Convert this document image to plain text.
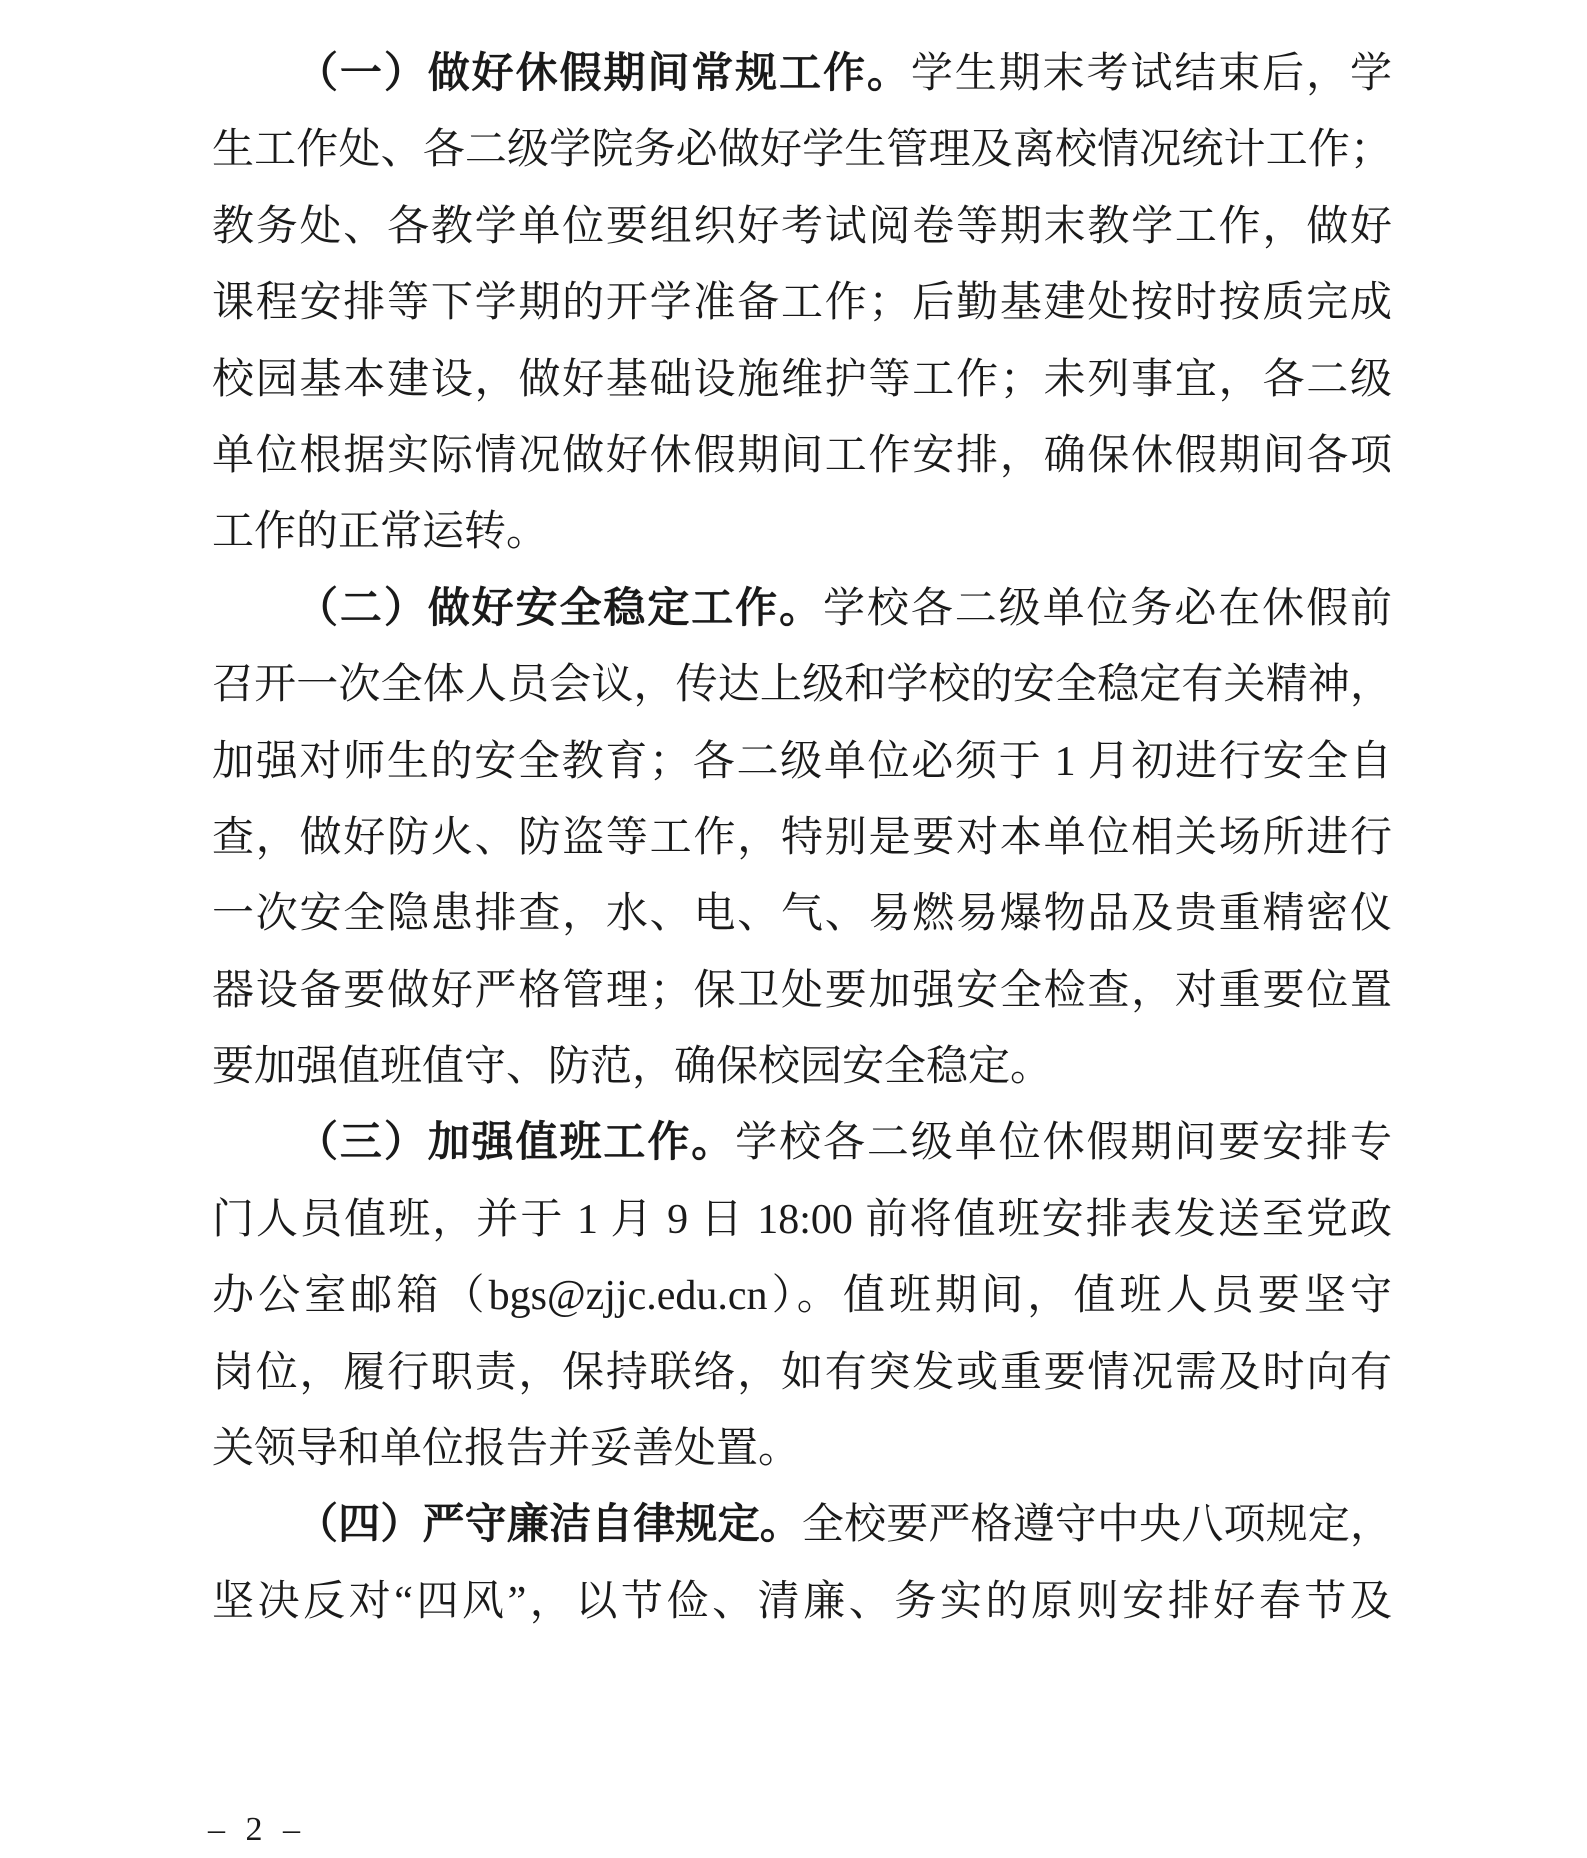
（一）做好休假期间常规工作。学生期末考试结束后，学
生工作处、各二级学院务必做好学生管理及离校情况统计工作；
教务处、各教学单位要组织好考试阅卷等期末教学工作，做好
课程安排等下学期的开学准备工作；后勤基建处按时按质完成
校园基本建设，做好基础设施维护等工作；未列事宜，各二级
单位根据实际情况做好休假期间工作安排，确保休假期间各项
工作的正常运转。
（二）做好安全稳定工作。学校各二级单位务必在休假前
召开一次全体人员会议，传达上级和学校的安全稳定有关精神，
加强对师生的安全教育；各二级单位必须于 1 月初进行安全自
查，做好防火、防盗等工作，特别是要对本单位相关场所进行
一次安全隐患排查，水、电、气、易燃易爆物品及贵重精密仪
器设备要做好严格管理；保卫处要加强安全检查，对重要位置
要加强值班值守、防范，确保校园安全稳定。
（三）加强值班工作。学校各二级单位休假期间要安排专
门人员值班，并于 1 月 9 日 18:00 前将值班安排表发送至党政
办公室邮箱（bgs@zjjc.edu.cn）。值班期间，值班人员要坚守
岗位，履行职责，保持联络，如有突发或重要情况需及时向有
关领导和单位报告并妥善处置。
（四）严守廉洁自律规定。全校要严格遵守中央八项规定，
坚决反对“四风”，以节俭、清廉、务实的原则安排好春节及
– 2 –
